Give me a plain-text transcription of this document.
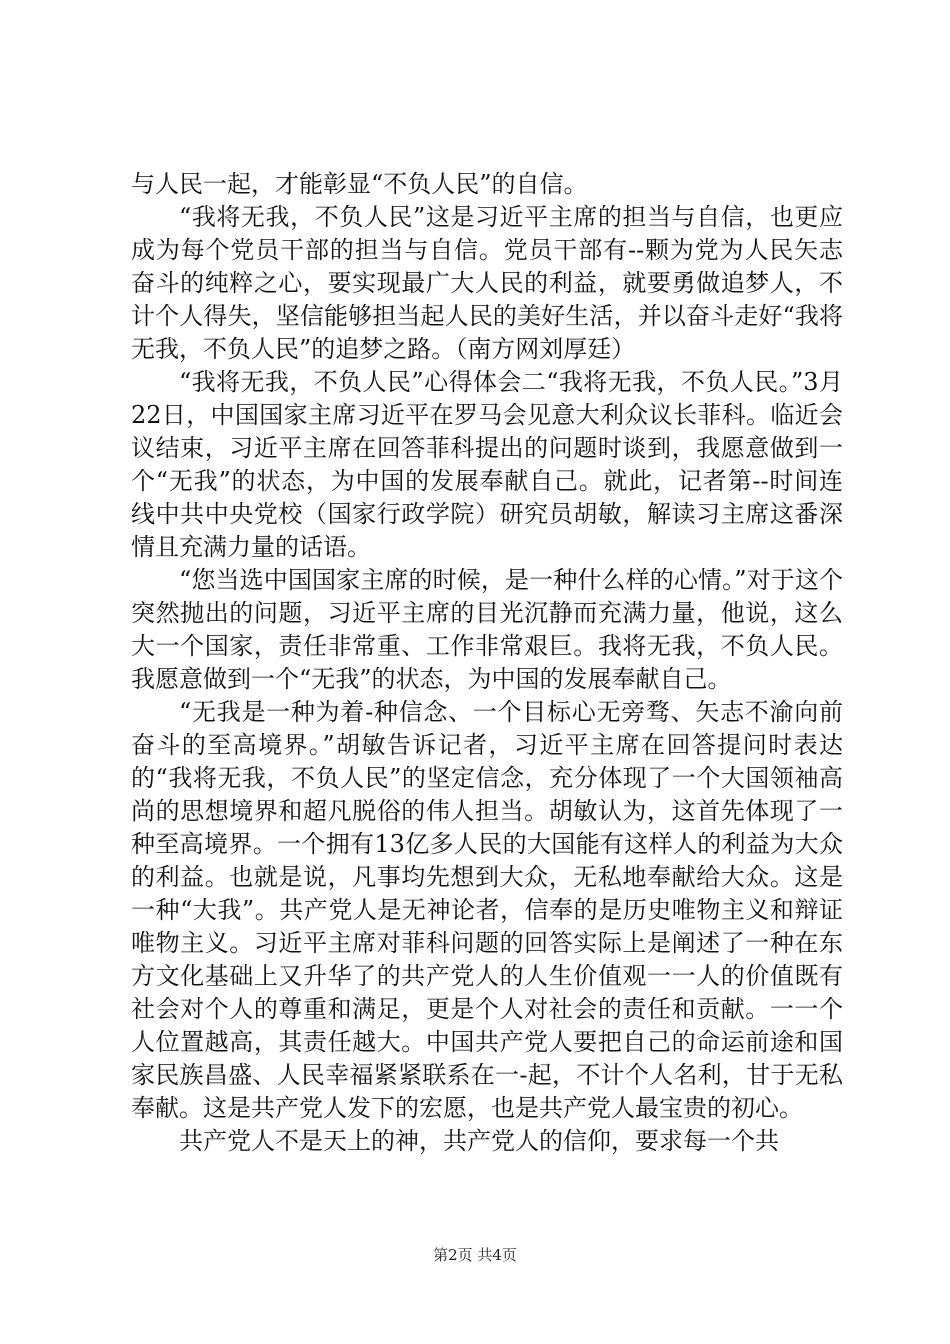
与人民一起，才能彰显“不负人民”的自信。

“我将无我，不负人民”这是习近平主席的担当与自信，也更应成为每个党员干部的担当与自信。党员干部有--颗为党为人民矢志奋斗的纯粹之心，要实现最广大人民的利益，就要勇做追梦人，不计个人得失，坚信能够担当起人民的美好生活，并以奋斗走好“我将无我，不负人民”的追梦之路。（南方网刘厚廷）

“我将无我，不负人民”心得体会二“我将无我，不负人民。”3月22日，中国国家主席习近平在罗马会见意大利众议长菲科。临近会议结束，习近平主席在回答菲科提出的问题时谈到，我愿意做到一个“无我”的状态，为中国的发展奉献自己。就此，记者第--时间连线中共中央党校（国家行政学院）研究员胡敏，解读习主席这番深情且充满力量的话语。

“您当选中国国家主席的时候，是一种什么样的心情。”对于这个突然抛出的问题，习近平主席的目光沉静而充满力量，他说，这么大一个国家，责任非常重、工作非常艰巨。我将无我，不负人民。我愿意做到一个“无我”的状态，为中国的发展奉献自己。

“无我是一种为着-种信念、一个目标心无旁骛、矢志不渝向前奋斗的至高境界。”胡敏告诉记者，习近平主席在回答提问时表达的“我将无我，不负人民”的坚定信念，充分体现了一个大国领袖高尚的思想境界和超凡脱俗的伟人担当。胡敏认为，这首先体现了一种至高境界。一个拥有13亿多人民的大国能有这样人的利益为大众的利益。也就是说，凡事均先想到大众，无私地奉献给大众。这是一种“大我”。共产党人是无神论者，信奉的是历史唯物主义和辩证唯物主义。习近平主席对菲科问题的回答实际上是阐述了一种在东方文化基础上又升华了的共产党人的人生价值观一一人的价值既有社会对个人的尊重和满足，更是个人对社会的责任和贡献。一一个人位置越高，其责任越大。中国共产党人要把自己的命运前途和国家民族昌盛、人民幸福紧紧联系在一-起，不计个人名利，甘于无私奉献。这是共产党人发下的宏愿，也是共产党人最宝贵的初心。

共产党人不是天上的神，共产党人的信仰，要求每一个共

第2页 共4页
